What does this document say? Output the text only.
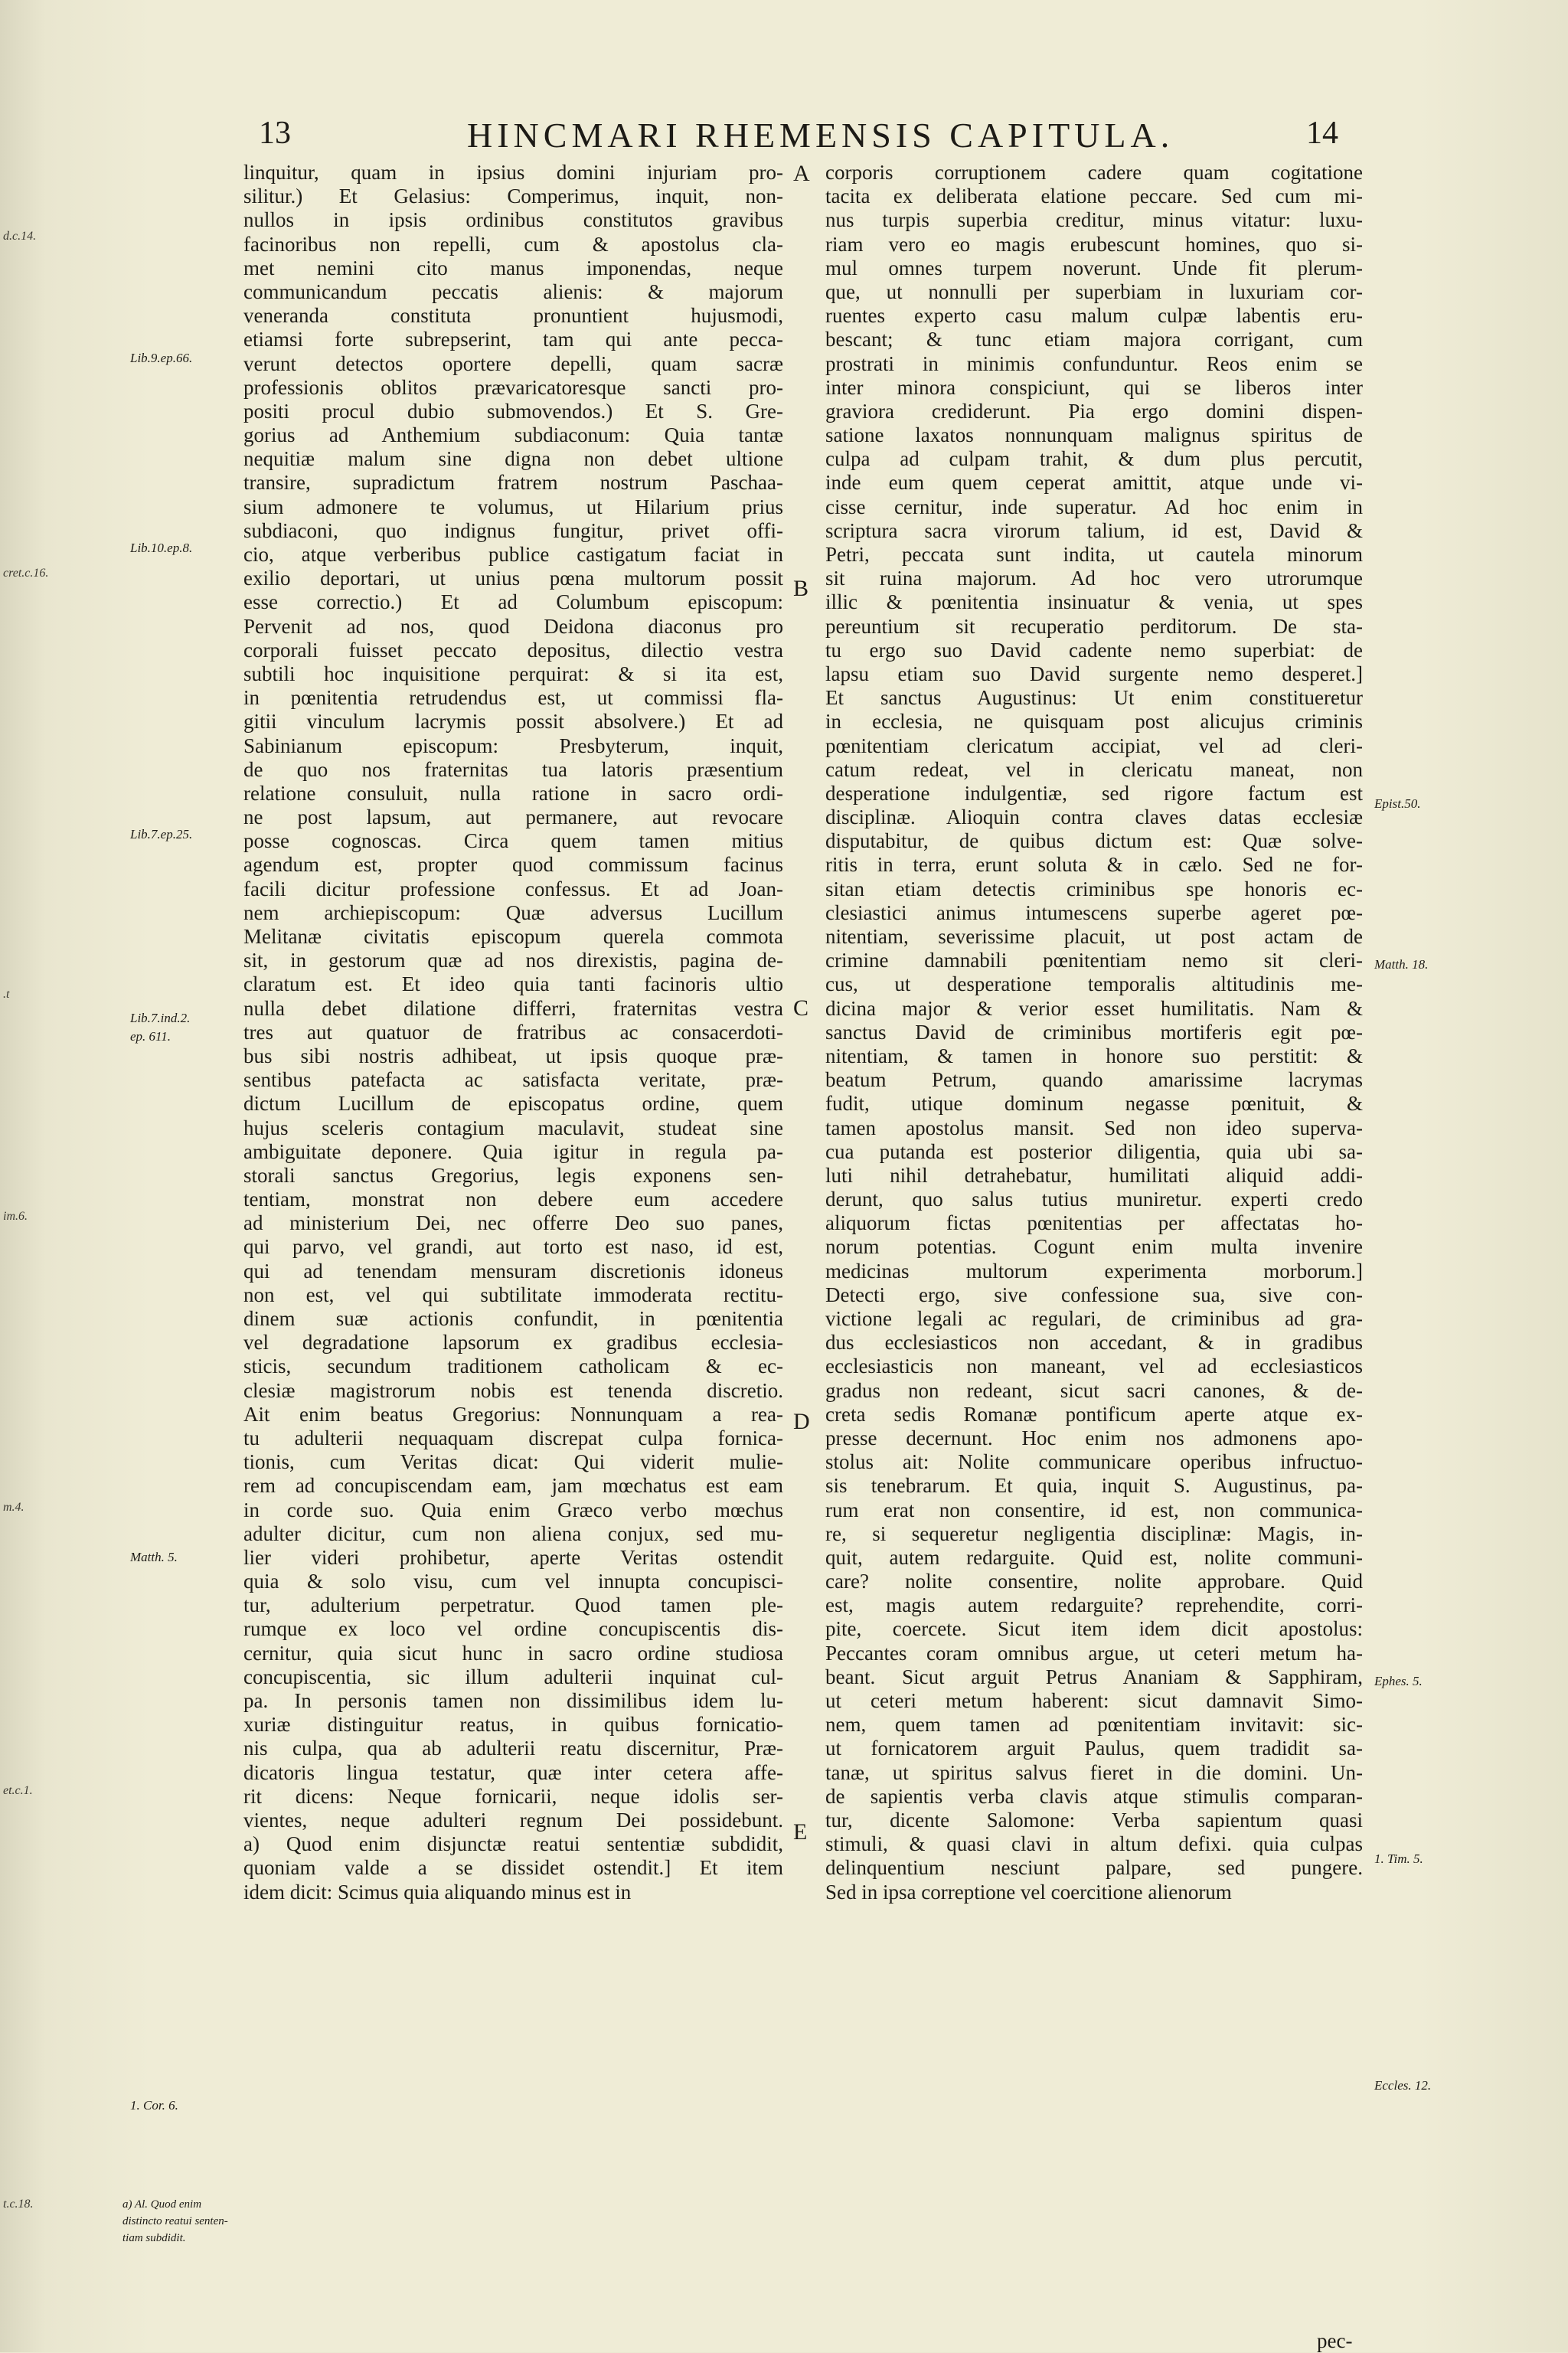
13	HINCMARI RHEMENSIS CAPITULA.	14
linquitur, quam in ipsius domini injuriam pro-
silitur.) Et Gelasius: Comperimus, inquit, non-
nullos in ipsis ordinibus constitutos gravibus
facinoribus non repelli, cum & apostolus cla-
met nemini cito manus imponendas, neque
communicandum peccatis alienis: & majorum
veneranda constituta pronuntient hujusmodi,
etiamsi forte subrepserint, tam qui ante pecca-
verunt detectos oportere depelli, quam sacræ
professionis oblitos prævaricatoresque sancti pro-
positi procul dubio submovendos.) Et S. Gre-
gorius ad Anthemium subdiaconum: Quia tantæ
nequitiæ malum sine digna non debet ultione
transire, supradictum fratrem nostrum Paschaa-
sium admonere te volumus, ut Hilarium prius
subdiaconi, quo indignus fungitur, privet offi-
cio, atque verberibus publice castigatum faciat in
exilio deportari, ut unius pœna multorum possit
esse correctio.) Et ad Columbum episcopum:
Pervenit ad nos, quod Deidona diaconus pro
corporali fuisset peccato depositus, dilectio vestra
subtili hoc inquisitione perquirat: & si ita est,
in pœnitentia retrudendus est, ut commissi fla-
gitii vinculum lacrymis possit absolvere.) Et ad
Sabinianum episcopum: Presbyterum, inquit,
de quo nos fraternitas tua latoris præsentium
relatione consuluit, nulla ratione in sacro ordi-
ne post lapsum, aut permanere, aut revocare
posse cognoscas. Circa quem tamen mitius
agendum est, propter quod commissum facinus
facili dicitur professione confessus. Et ad Joan-
nem archiepiscopum: Quæ adversus Lucillum
Melitanæ civitatis episcopum querela commota
sit, in gestorum quæ ad nos direxistis, pagina de-
claratum est. Et ideo quia tanti facinoris ultio
nulla debet dilatione differri, fraternitas vestra
tres aut quatuor de fratribus ac consacerdoti-
bus sibi nostris adhibeat, ut ipsis quoque præ-
sentibus patefacta ac satisfacta veritate, præ-
dictum Lucillum de episcopatus ordine, quem
hujus sceleris contagium maculavit, studeat sine
ambiguitate deponere. Quia igitur in regula pa-
storali sanctus Gregorius, legis exponens sen-
tentiam, monstrat non debere eum accedere
ad ministerium Dei, nec offerre Deo suo panes,
qui parvo, vel grandi, aut torto est naso, id est,
qui ad tenendam mensuram discretionis idoneus
non est, vel qui subtilitate immoderata rectitu-
dinem suæ actionis confundit, in pœnitentia
vel degradatione lapsorum ex gradibus ecclesia-
sticis, secundum traditionem catholicam & ec-
clesiæ magistrorum nobis est tenenda discretio.
Ait enim beatus Gregorius: Nonnunquam a rea-
tu adulterii nequaquam discrepat culpa fornica-
tionis, cum Veritas dicat: Qui viderit mulie-
rem ad concupiscendam eam, jam mœchatus est eam
in corde suo. Quia enim Græco verbo mœchus
adulter dicitur, cum non aliena conjux, sed mu-
lier videri prohibetur, aperte Veritas ostendit
quia & solo visu, cum vel innupta concupisci-
tur, adulterium perpetratur. Quod tamen ple-
rumque ex loco vel ordine concupiscentis dis-
cernitur, quia sicut hunc in sacro ordine studiosa
concupiscentia, sic illum adulterii inquinat cul-
pa. In personis tamen non dissimilibus idem lu-
xuriæ distinguitur reatus, in quibus fornicatio-
nis culpa, qua ab adulterii reatu discernitur, Præ-
dicatoris lingua testatur, quæ inter cetera affe-
rit dicens: Neque fornicarii, neque idolis ser-
vientes, neque adulteri regnum Dei possidebunt.
a) Quod enim disjunctæ reatui sententiæ subdidit,
quoniam valde a se dissidet ostendit.] Et item
idem dicit: Scimus quia aliquando minus est in
corporis corruptionem cadere quam cogitatione
tacita ex deliberata elatione peccare. Sed cum mi-
nus turpis superbia creditur, minus vitatur: luxu-
riam vero eo magis erubescunt homines, quo si-
mul omnes turpem noverunt. Unde fit plerum-
que, ut nonnulli per superbiam in luxuriam cor-
ruentes experto casu malum culpæ labentis eru-
bescant; & tunc etiam majora corrigant, cum
prostrati in minimis confunduntur. Reos enim se
inter minora conspiciunt, qui se liberos inter
graviora crediderunt. Pia ergo domini dispen-
satione laxatos nonnunquam malignus spiritus de
culpa ad culpam trahit, & dum plus percutit,
inde eum quem ceperat amittit, atque unde vi-
cisse cernitur, inde superatur. Ad hoc enim in
scriptura sacra virorum talium, id est, David &
Petri, peccata sunt indita, ut cautela minorum
sit ruina majorum. Ad hoc vero utrorumque
illic & pœnitentia insinuatur & venia, ut spes
pereuntium sit recuperatio perditorum. De sta-
tu ergo suo David cadente nemo superbiat: de
lapsu etiam suo David surgente nemo desperet.]
Et sanctus Augustinus: Ut enim constitueretur
in ecclesia, ne quisquam post alicujus criminis
pœnitentiam clericatum accipiat, vel ad cleri-
catum redeat, vel in clericatu maneat, non
desperatione indulgentiæ, sed rigore factum est
disciplinæ. Alioquin contra claves datas ecclesiæ
disputabitur, de quibus dictum est: Quæ solve-
ritis in terra, erunt soluta & in cælo. Sed ne for-
sitan etiam detectis criminibus spe honoris ec-
clesiastici animus intumescens superbe ageret pœ-
nitentiam, severissime placuit, ut post actam de
crimine damnabili pœnitentiam nemo sit cleri-
cus, ut desperatione temporalis altitudinis me-
dicina major & verior esset humilitatis. Nam &
sanctus David de criminibus mortiferis egit pœ-
nitentiam, & tamen in honore suo perstitit: &
beatum Petrum, quando amarissime lacrymas
fudit, utique dominum negasse pœnituit, &
tamen apostolus mansit. Sed non ideo superva-
cua putanda est posterior diligentia, quia ubi sa-
luti nihil detrahebatur, humilitati aliquid addi-
derunt, quo salus tutius muniretur. experti credo
aliquorum fictas pœnitentias per affectatas ho-
norum potentias. Cogunt enim multa invenire
medicinas multorum experimenta morborum.]
Detecti ergo, sive confessione sua, sive con-
victione legali ac regulari, de criminibus ad gra-
dus ecclesiasticos non accedant, & in gradibus
ecclesiasticis non maneant, vel ad ecclesiasticos
gradus non redeant, sicut sacri canones, & de-
creta sedis Romanæ pontificum aperte atque ex-
presse decernunt. Hoc enim nos admonens apo-
stolus ait: Nolite communicare operibus infructuo-
sis tenebrarum. Et quia, inquit S. Augustinus, pa-
rum erat non consentire, id est, non communica-
re, si sequeretur negligentia disciplinæ: Magis, in-
quit, autem redarguite. Quid est, nolite communi-
care? nolite consentire, nolite approbare. Quid
est, magis autem redarguite? reprehendite, corri-
pite, coercete. Sicut item idem dicit apostolus:
Peccantes coram omnibus argue, ut ceteri metum ha-
beant. Sicut arguit Petrus Ananiam & Sapphiram,
ut ceteri metum haberent: sicut damnavit Simo-
nem, quem tamen ad pœnitentiam invitavit: sic-
ut fornicatorem arguit Paulus, quem tradidit sa-
tanæ, ut spiritus salvus fieret in die domini. Un-
de sapientis verba clavis atque stimulis comparan-
tur, dicente Salomone: Verba sapientum quasi
stimuli, & quasi clavi in altum defixi. quia culpas
delinquentium nesciunt palpare, sed pungere.
Sed in ipsa correptione vel coercitione alienorum
Lib.9.ep.66.
Lib.10.ep.8.
Lib.7.ep.25.
Lib.7.ind.2.
ep. 611.
Matth. 5.
1. Cor. 6.
Epist.50.
Matth. 18.
Ephes. 5.
1. Tim. 5.
Eccles. 12.
A
B
C
D
E
d.c.14.
cret.c.16.
.t
im.6.
m.4.
et.c.1.
t.c.18.	a) Al. Quod enim distincto reatui senten-tiam subdidit.
pec-
